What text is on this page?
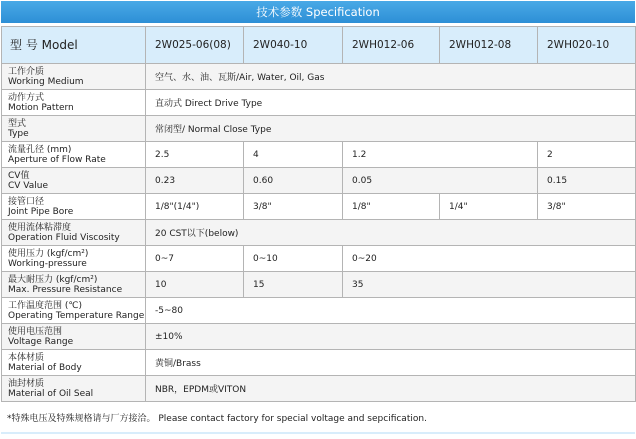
技术参数 Specification
型 号 Model	2W025-06(08)	2W040-10	2WH012-06	2WH012-08	2WH020-10

工作介质
Working Medium	空气、水、油、瓦斯/Air, Water, Oil, Gas				

动作方式
Motion Pattern	直动式 Direct Drive Type				

型式
Type	常闭型/ Normal Close Type				

流量孔径 (mm)
Aperture of Flow Rate	2.5	4	1.2		2

CV值
CV Value	0.23	0.60	0.05		0.15

接管口径
Joint Pipe Bore	1/8"(1/4")	3/8"	1/8"	1/4"	3/8"

使用流体粘滞度
Operation Fluid Viscosity	20 CST以下(below)				

使用压力 (kgf/cm²)
Working-pressure	0~7	0~10	0~20		

最大耐压力 (kgf/cm²)
Max. Pressure Resistance	10	15	35		

工作温度范围 (℃)
Operating Temperature Range	-5~80				

使用电压范围
Voltage Range	±10%				

本体材质
Material of Body	黄铜/Brass				

油封材质
Material of Oil Seal	NBR，EPDM或VITON				
*特殊电压及特殊规格请与厂方接洽。 Please contact factory for special voltage and sepcification.
